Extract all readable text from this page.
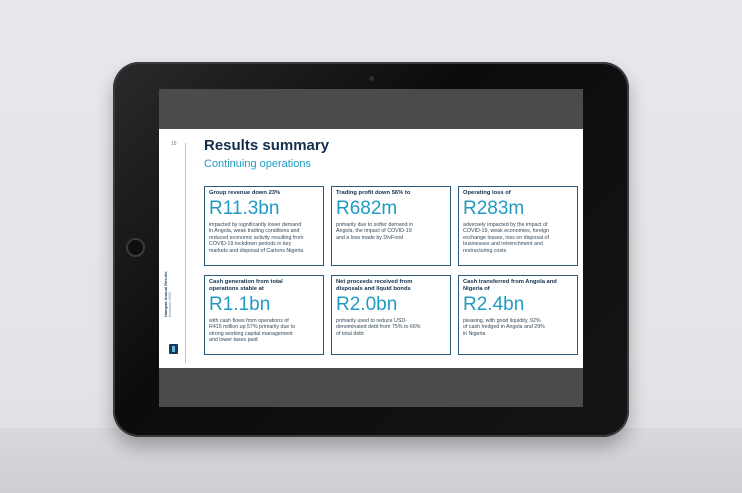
15
Nampak Annual Results November 2020
Results summary
Continuing operations
Group revenue down 23%
R11.3bn
impacted by significantly lower demand
in Angola, weak trading conditions and
reduced economic activity resulting from
COVID-19 lockdown periods in key
markets and disposal of Cartons Nigeria
Trading profit down 56% to
R682m
primarily due to softer demand in
Angola, the impact of COVID-19
and a loss made by DivFood
Operating loss of
R283m
adversely impacted by the impact of
COVID-19, weak economies, foreign
exchange losses, loss on disposal of
businesses and retrenchment and
restructuring costs
Cash generation from total
operations stable at
R1.1bn
with cash flows from operations of
R415 million up 57% primarily due to
strong working capital management
and lower taxes paid
Net proceeds received from
disposals and liquid bonds
R2.0bn
primarily used to reduce USD-
denominated debt from 75% to 66%
of total debt
Cash transferred from Angola and
Nigeria of
R2.4bn
pleasing, with good liquidity, 92%
of cash hedged in Angola and 29%
in Nigeria
